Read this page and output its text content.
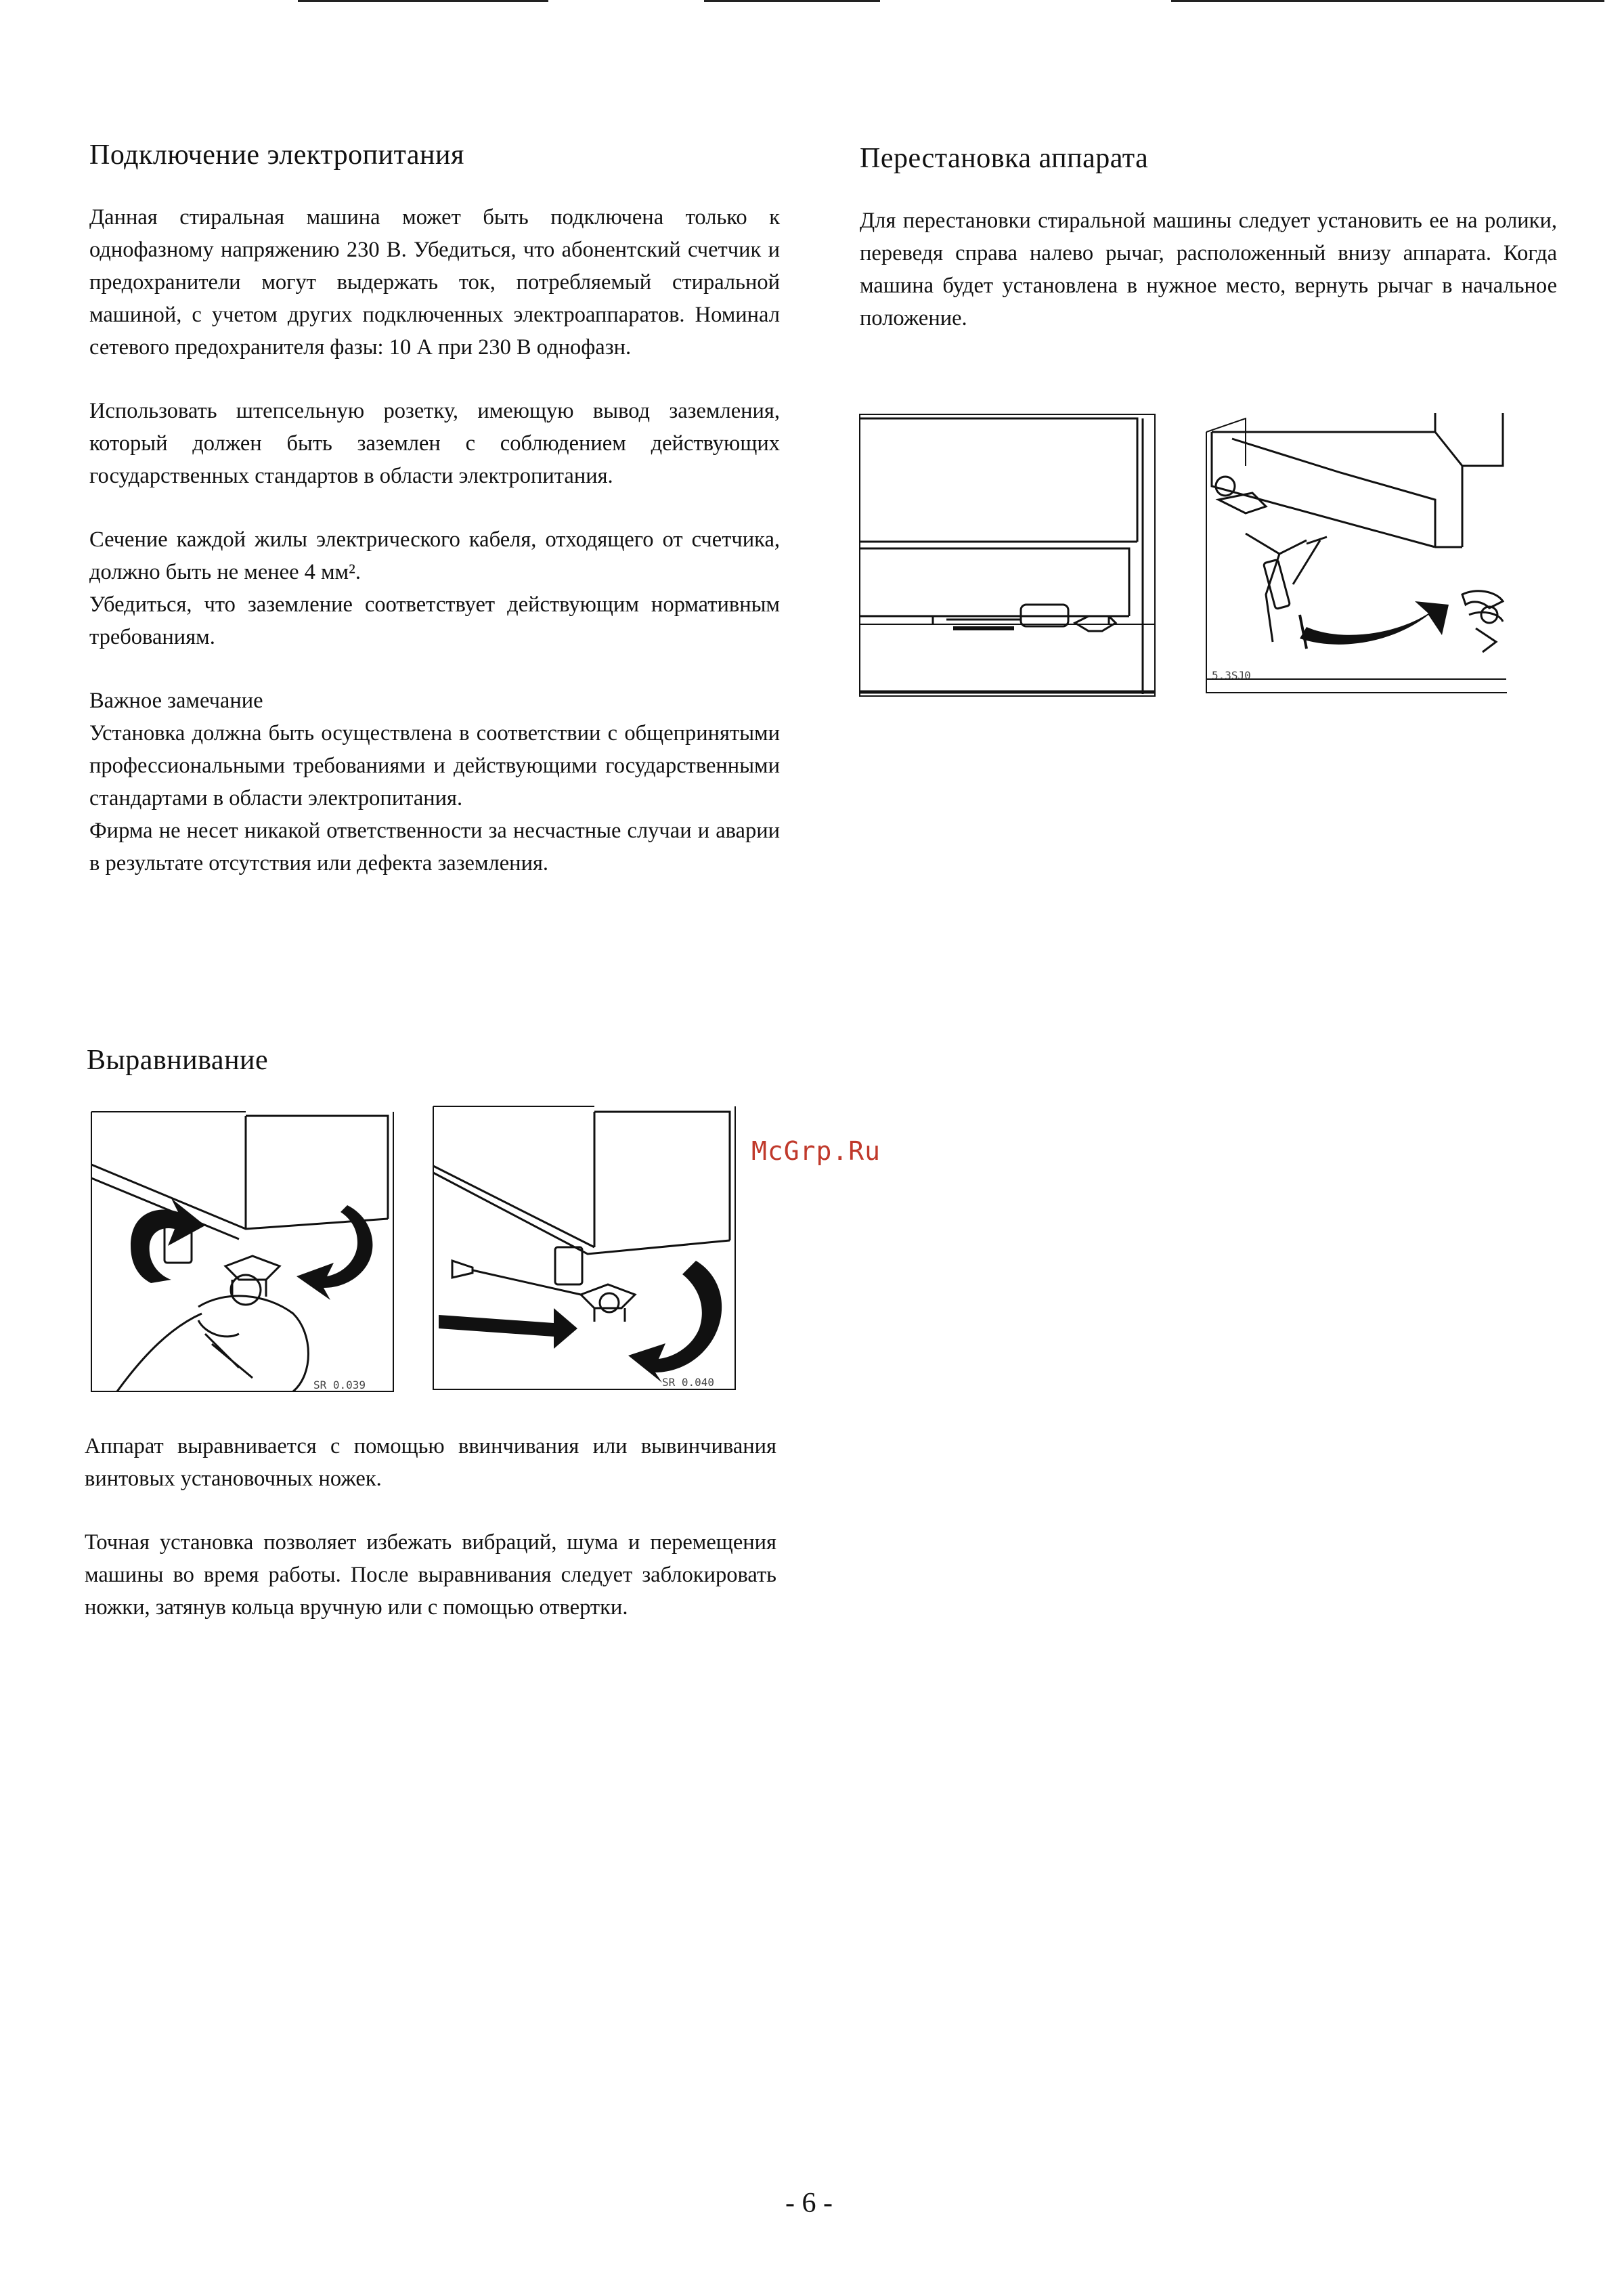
Подключение электропитания

Данная стиральная машина может быть подключена только к однофазному напряжению 230 В. Убедиться, что абонентский счетчик и предохранители могут выдержать ток, потребляемый стиральной машиной, с учетом других подключенных электроаппаратов. Номинал сетевого предохранителя фазы: 10 А при 230 В однофазн.

Использовать штепсельную розетку, имеющую вывод заземления, который должен быть заземлен с соблюдением действующих государственных стандартов в области электропитания.

Сечение каждой жилы электрического кабеля, отходящего от счетчика, должно быть не менее 4 мм².

Убедиться, что заземление соответствует действующим нормативным требованиям.

Важное замечание

Установка должна быть осуществлена в соответствии с общепринятыми профессиональными требованиями и действующими государственными стандартами в области электропитания.

Фирма не несет никакой ответственности за несчастные случаи и аварии в результате отсутствия или дефекта заземления.

Перестановка аппарата

Для перестановки стиральной машины следует установить ее на ролики, переведя справа налево рычаг, расположенный внизу аппарата. Когда машина будет установлена в нужное место, вернуть рычаг в начальное положение.

5.3SJ0
Выравнивание
SR 0.039	SR 0.040
McGrp.Ru

Аппарат выравнивается с помощью ввинчивания или вывинчивания винтовых установочных ножек.

Точная установка позволяет избежать вибраций, шума и перемещения машины во время работы. После выравнивания следует заблокировать ножки, затянув кольца вручную или с помощью отвертки.

- 6 -
